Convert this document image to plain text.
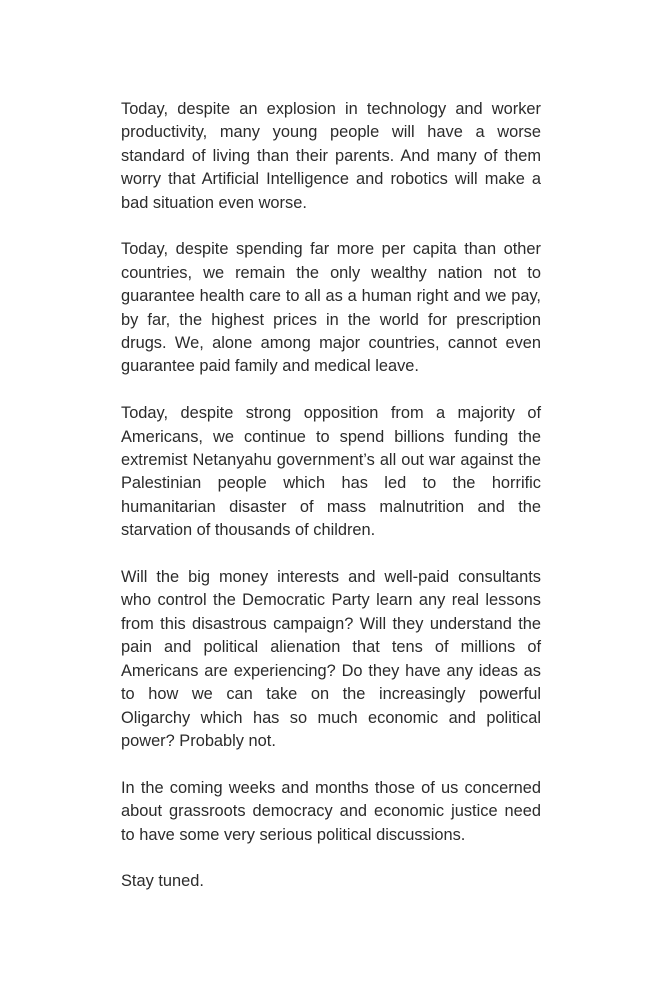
Today, despite an explosion in technology and worker productivity, many young people will have a worse standard of living than their parents. And many of them worry that Artificial Intelligence and robotics will make a bad situation even worse.

Today, despite spending far more per capita than other countries, we remain the only wealthy nation not to guarantee health care to all as a human right and we pay, by far, the highest prices in the world for prescription drugs. We, alone among major countries, cannot even guarantee paid family and medical leave.

Today, despite strong opposition from a majority of Americans, we continue to spend billions funding the extremist Netanyahu government’s all out war against the Palestinian people which has led to the horrific humanitarian disaster of mass malnutrition and the starvation of thousands of children.

Will the big money interests and well-paid consultants who control the Democratic Party learn any real lessons from this disastrous campaign? Will they understand the pain and political alienation that tens of millions of Americans are experiencing? Do they have any ideas as to how we can take on the increasingly powerful Oligarchy which has so much economic and political power? Probably not.

In the coming weeks and months those of us concerned about grassroots democracy and economic justice need to have some very serious political discussions.

Stay tuned.
